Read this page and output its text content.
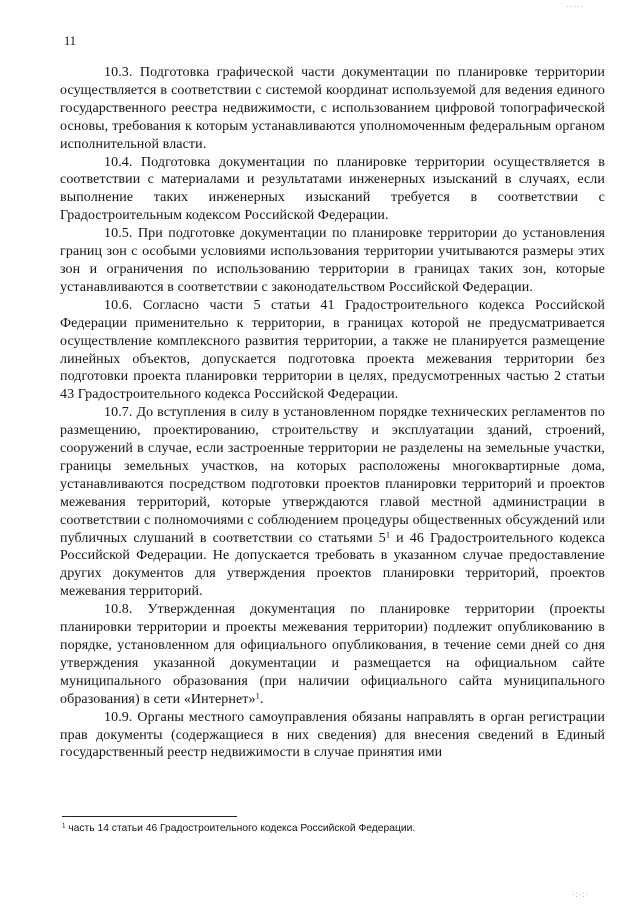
·····
11

10.3. Подготовка графической части документации по планировке территории осуществляется в соответствии с системой координат используемой для ведения единого государственного реестра недвижимости, с использованием цифровой топографической основы, требования к которым устанавливаются уполномоченным федеральным органом исполнительной власти.

10.4. Подготовка документации по планировке территории осуществляется в соответствии с материалами и результатами инженерных изысканий в случаях, если выполнение таких инженерных изысканий требуется в соответствии с Градостроительным кодексом Российской Федерации.

10.5. При подготовке документации по планировке территории до установления границ зон с особыми условиями использования территории учитываются размеры этих зон и ограничения по использованию территории в границах таких зон, которые устанавливаются в соответствии с законодательством Российской Федерации.

10.6. Согласно части 5 статьи 41 Градостроительного кодекса Российской Федерации применительно к территории, в границах которой не предусматривается осуществление комплексного развития территории, а также не планируется размещение линейных объектов, допускается подготовка проекта межевания территории без подготовки проекта планировки территории в целях, предусмотренных частью 2 статьи 43 Градостроительного кодекса Российской Федерации.

10.7. До вступления в силу в установленном порядке технических регламентов по размещению, проектированию, строительству и эксплуатации зданий, строений, сооружений в случае, если застроенные территории не разделены на земельные участки, границы земельных участков, на которых расположены многоквартирные дома, устанавливаются посредством подготовки проектов планировки территорий и проектов межевания территорий, которые утверждаются главой местной администрации в соответствии с полномочиями с соблюдением процедуры общественных обсуждений или публичных слушаний в соответствии со статьями $5^1$ и 46 Градостроительного кодекса Российской Федерации. Не допускается требовать в указанном случае предоставление других документов для утверждения проектов планировки территорий, проектов межевания территорий.

10.8. Утвержденная документация по планировке территории (проекты планировки территории и проекты межевания территории) подлежит опубликованию в порядке, установленном для официального опубликования, в течение семи дней со дня утверждения указанной документации и размещается на официальном сайте муниципального образования (при наличии официального сайта муниципального образования) в сети «Интернет»$^1$.

10.9. Органы местного самоуправления обязаны направлять в орган регистрации прав документы (содержащиеся в них сведения) для внесения сведений в Единый государственный реестр недвижимости в случае принятия ими

$^1$ часть 14 статьи 46 Градостроительного кодекса Российской Федерации.
·:·:·
